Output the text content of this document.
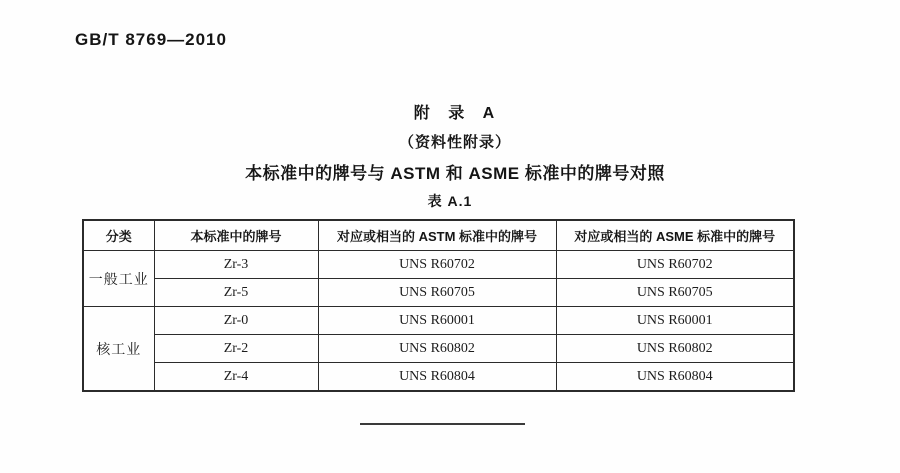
GB/T 8769—2010
附 录 A
（资料性附录）
本标准中的牌号与 ASTM 和 ASME 标准中的牌号对照
表 A.1
分类	本标准中的牌号	对应或相当的 ASTM 标准中的牌号	对应或相当的 ASME 标准中的牌号
一般工业	Zr-3	UNS R60702	UNS R60702
	Zr-5	UNS R60705	UNS R60705
核工业	Zr-0	UNS R60001	UNS R60001
	Zr-2	UNS R60802	UNS R60802
	Zr-4	UNS R60804	UNS R60804
